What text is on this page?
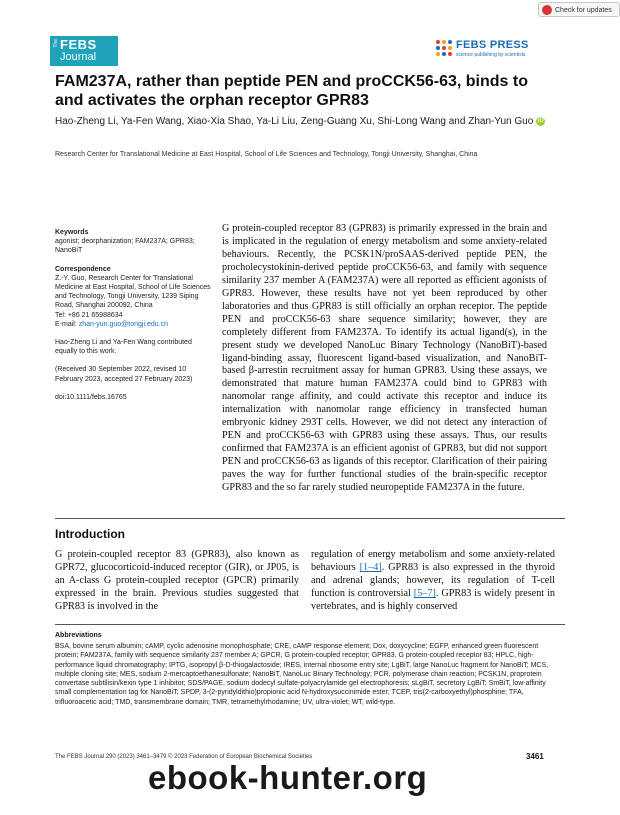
Check for updates
The FEBS
Journal
FEBS PRESS
science publishing by scientists
FAM237A, rather than peptide PEN and proCCK56-63, binds to and activates the orphan receptor GPR83
Hao-Zheng Li, Ya-Fen Wang, Xiao-Xia Shao, Ya-Li Liu, Zeng-Guang Xu, Shi-Long Wang and Zhan-Yun Guo iD
Research Center for Translational Medicine at East Hospital, School of Life Sciences and Technology, Tongji University, Shanghai, China

Keywords

agonist; deorphanization; FAM237A; GPR83; NanoBiT

Correspondence

Z.-Y. Guo, Research Center for Translational Medicine at East Hospital, School of Life Sciences and Technology, Tongji University, 1239 Siping Road, Shanghai 200092, China

Tel: +86 21 65988634

E-mail: zhan-yun.guo@tongji.edu.cn

Hao-Zheng Li and Ya-Fen Wang contributed equally to this work.

(Received 30 September 2022, revised 10 February 2023, accepted 27 February 2023)

doi:10.1111/febs.16765

G protein-coupled receptor 83 (GPR83) is primarily expressed in the brain and is implicated in the regulation of energy metabolism and some anxiety-related behaviours. Recently, the PCSK1N/proSAAS-derived peptide PEN, the procholecystokinin-derived peptide proCCK56-63, and family with sequence similarity 237 member A (FAM237A) were all reported as efficient agonists of GPR83. However, these results have not yet been reproduced by other laboratories and thus GPR83 is still officially an orphan receptor. The peptide PEN and proCCK56-63 share sequence similarity; however, they are completely different from FAM237A. To identify its actual ligand(s), in the present study we developed NanoLuc Binary Technology (NanoBiT)-based ligand-binding assay, fluorescent ligand-based visualization, and NanoBiT-based β-arrestin recruitment assay for human GPR83. Using these assays, we demonstrated that mature human FAM237A could bind to GPR83 with nanomolar range affinity, and could activate this receptor and induce its internalization with nanomolar range efficiency in transfected human embryonic kidney 293T cells. However, we did not detect any interaction of PEN and proCCK56-63 with GPR83 using these assays. Thus, our results confirmed that FAM237A is an efficient agonist of GPR83, but did not support PEN and proCCK56-63 as ligands of this receptor. Clarification of their pairing paves the way for further functional studies of the brain-specific receptor GPR83 and the so far rarely studied neuropeptide FAM237A in the future.
Introduction
G protein-coupled receptor 83 (GPR83), also known as GPR72, glucocorticoid-induced receptor (GIR), or JP05, is an A-class G protein-coupled receptor (GPCR) primarily expressed in the brain. Previous studies suggested that GPR83 is involved in the
regulation of energy metabolism and some anxiety-related behaviours [1–4]. GPR83 is also expressed in the thyroid and adrenal glands; however, its regulation of T-cell function is controversial [5–7]. GPR83 is widely present in vertebrates, and is highly conserved
Abbreviations
BSA, bovine serum albumin; cAMP, cyclic adenosine monophosphate; CRE, cAMP response element; Dox, doxycycline; EGFP, enhanced green fluorescent protein; FAM237A, family with sequence similarity 237 member A; GPCR, G protein-coupled receptor; GPR83, G protein-coupled receptor 83; HPLC, high-performance liquid chromatography; IPTG, isopropyl β-D-thiogalactoside; IRES, internal ribosome entry site; LgBiT, large NanoLuc fragment for NanoBiT; MCS, multiple cloning site; MES, sodium 2-mercaptoethanesulfonate; NanoBiT, NanoLuc Binary Technology; PCR, polymerase chain reaction; PCSK1N, proprotein convertase subtilisin/kexin type 1 inhibitor; SDS/PAGE, sodium dodecyl sulfate-polyacrylamide gel electrophoresis; sLgBiT, secretory LgBiT; SmBiT, low-affinity small complementation tag for NanoBiT; SPDP, 3-(2-pyridyldithio)propionic acid N-hydroxysuccinimide ester; TCEP, tris(2-carboxyethyl)phosphine; TFA, trifluoroacetic acid; TMD, transmembrane domain; TMR, tetramethylrhodamine; UV, ultra-violet; WT, wild-type.
The FEBS Journal 290 (2023) 3461–3479 © 2023 Federation of European Biochemical Societies	3461
ebook-hunter.org
